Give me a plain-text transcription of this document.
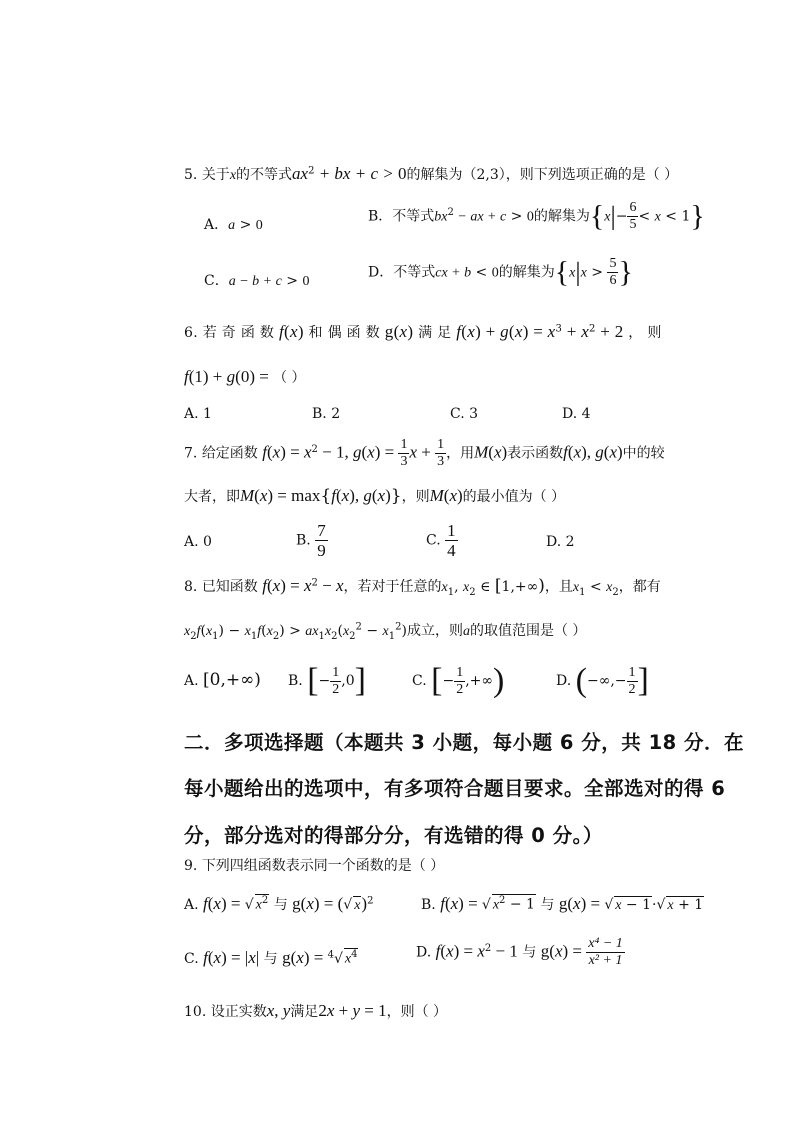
5. 关于x的不等式$ax^2$ + bx + c > 0的解集为（2,3），则下列选项正确的是（ ）
A．a > 0
B．不等式$bx^2$ − ax + c > 0的解集为$\{x|- \frac{6}{5} < x < 1\}$
C．a − b + c > 0
D．不等式cx + b < 0的解集为{$x|x > \frac{5}{6}$ }
6. 若 奇 函 数 f(x) 和 偶 函 数 g(x) 满 足 $f(x) + g(x) = x^3 + x^2 + 2$ ， 则
f(1) + g(0) = （ ）
A. 1	B. 2	C. 3	D. 4
7. 给定函数 $f(x) = x^2 - 1$, $g(x) = \frac{1}{3}$ $x + \frac{1}{3}$ ，用M(x)表示函数f(x), g(x)中的较
大者，即M(x) = max{f(x), g(x)}，则M(x)的最小值为（ ）
A. 0	B. $\frac{7}{9}$	C. $\frac{1}{4}$	D. 2
8. 已知函数 $f(x) = x^2 - x$，若对于任意的$x_1$, $x_2$ ∈ [1,+∞)，且$x_1 < x_2$，都有
$x_2f(x_1) - x_1f(x_2) > ax_1x_2(x_2^2 - x_1^2)$成立，则a的取值范围是（ ）
A. [0,+∞) B. [− $\frac{1}{2} ,0$]	C. [− $\frac{1}{2}$ ,+∞)	D. (−∞,− $\frac{1}{2}$ ]
二．多项选择题（本题共 3 小题，每小题 6 分，共 18 分．在
每小题给出的选项中，有多项符合题目要求。全部选对的得 6
分，部分选对的得部分分，有选错的得 0 分。）
9. 下列四组函数表示同一个函数的是（ ）
A. f(x) = √ $x^2$ 与 g(x) = (√ x)$^2$	B. f(x) = √ $x^2 - 1$ 与 g(x) = √ x − 1·√ x + 1
C. f(x) = |x| 与 g(x) = $^4$√ $x^4$	D. $f(x) = x^2 - 1$ 与 $g(x) = \frac{\text{x⁴ − 1}}{\text{x² + 1}}$
10. 设正实数x, y满足2x + y = 1，则（ ）
